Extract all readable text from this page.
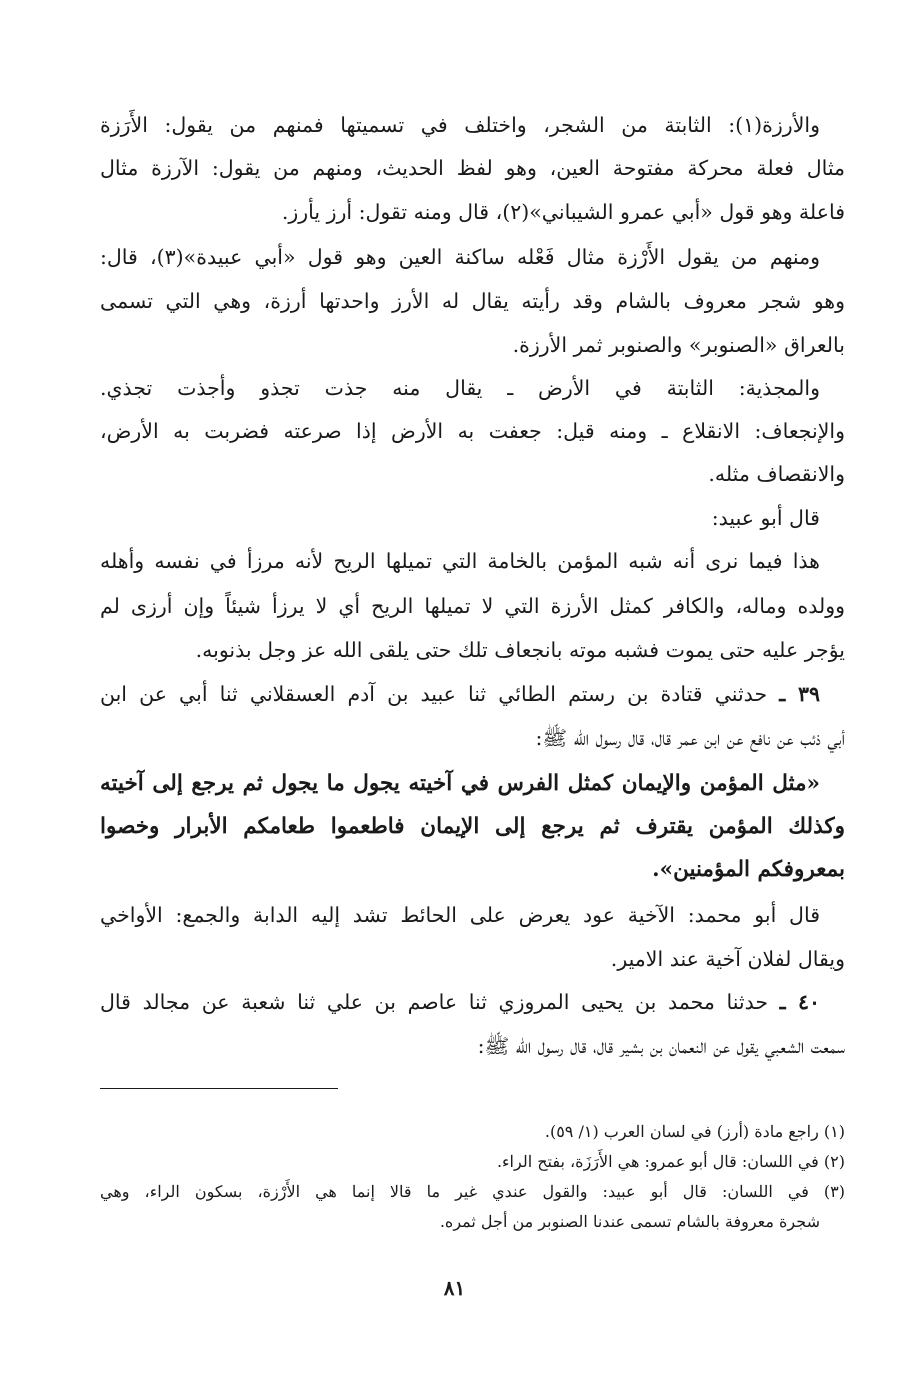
والأرزة(١): الثابتة من الشجر، واختلف في تسميتها فمنهم من يقول: الأَرَزة
مثال فعلة محركة مفتوحة العين، وهو لفظ الحديث، ومنهم من يقول: الآرزة مثال
فاعلة وهو قول «أبي عمرو الشيباني»(٢)، قال ومنه تقول: أرز يأرز.
ومنهم من يقول الأَرْزة مثال فَعْله ساكنة العين وهو قول «أبي عبيدة»(٣)، قال:
وهو شجر معروف بالشام وقد رأيته يقال له الأرز واحدتها أرزة، وهي التي تسمى
بالعراق «الصنوبر» والصنوبر ثمر الأرزة.
والمجذية: الثابتة في الأرض ـ يقال منه جذت تجذو وأجذت تجذي.
والإنجعاف: الانقلاع ـ ومنه قيل: جعفت به الأرض إذا صرعته فضربت به الأرض،
والانقصاف مثله.
قال أبو عبيد:
هذا فيما نرى أنه شبه المؤمن بالخامة التي تميلها الريح لأنه مرزأ في نفسه وأهله
وولده وماله، والكافر كمثل الأرزة التي لا تميلها الريح أي لا يرزأ شيئاً وإن أرزى لم
يؤجر عليه حتى يموت فشبه موته بانجعاف تلك حتى يلقى الله عز وجل بذنوبه.
٣٩ ـ حدثني قتادة بن رستم الطائي ثنا عبيد بن آدم العسقلاني ثنا أبي عن ابن
أبي ذئب عن نافع عن ابن عمر قال، قال رسول الله ﷺ:
«مثل المؤمن والإيمان كمثل الفرس في آخيته يجول ما يجول ثم يرجع إلى آخيته
وكذلك المؤمن يقترف ثم يرجع إلى الإيمان فاطعموا طعامكم الأبرار وخصوا
بمعروفكم المؤمنين».
قال أبو محمد: الآخية عود يعرض على الحائط تشد إليه الدابة والجمع: الأواخي
ويقال لفلان آخية عند الامير.
٤٠ ـ حدثنا محمد بن يحيى المروزي ثنا عاصم بن علي ثنا شعبة عن مجالد قال
سمعت الشعبي يقول عن النعمان بن بشير قال، قال رسول الله ﷺ:
(١) راجع مادة (أرز) في لسان العرب (١/ ٥٩).
(٢) في اللسان: قال أبو عمرو: هي الأَرَزَة، بفتح الراء.
(٣) في اللسان: قال أبو عبيد: والقول عندي غير ما قالا إنما هي الأَرْزة، بسكون الراء، وهي
شجرة معروفة بالشام تسمى عندنا الصنوبر من أجل ثمره.
٨١
